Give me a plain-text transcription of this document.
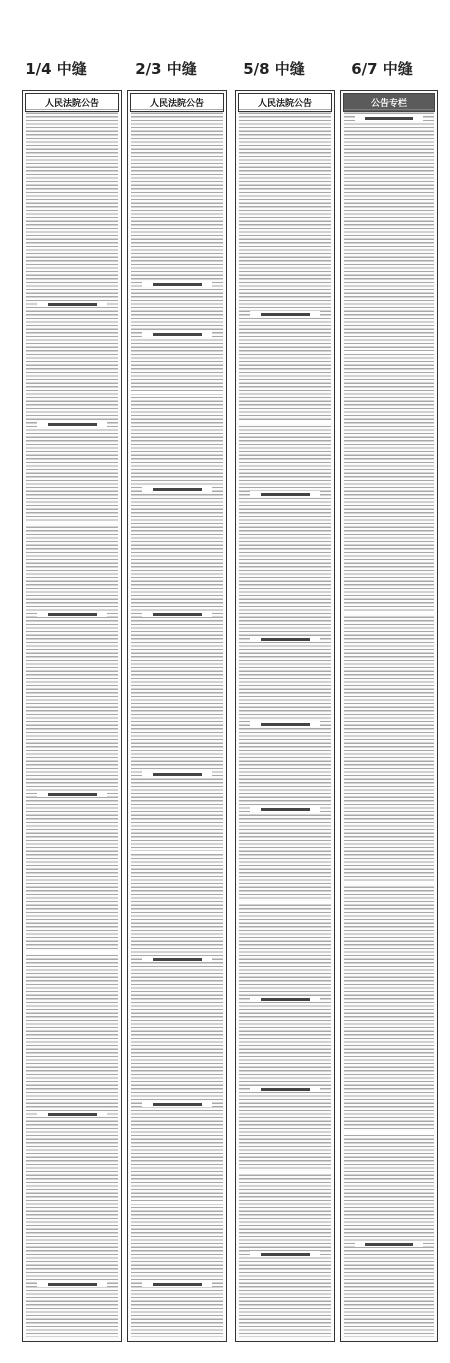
1/4 中缝	2/3 中缝	5/8 中缝	6/7 中缝
人民法院公告	人民法院公告	人民法院公告	公告专栏
